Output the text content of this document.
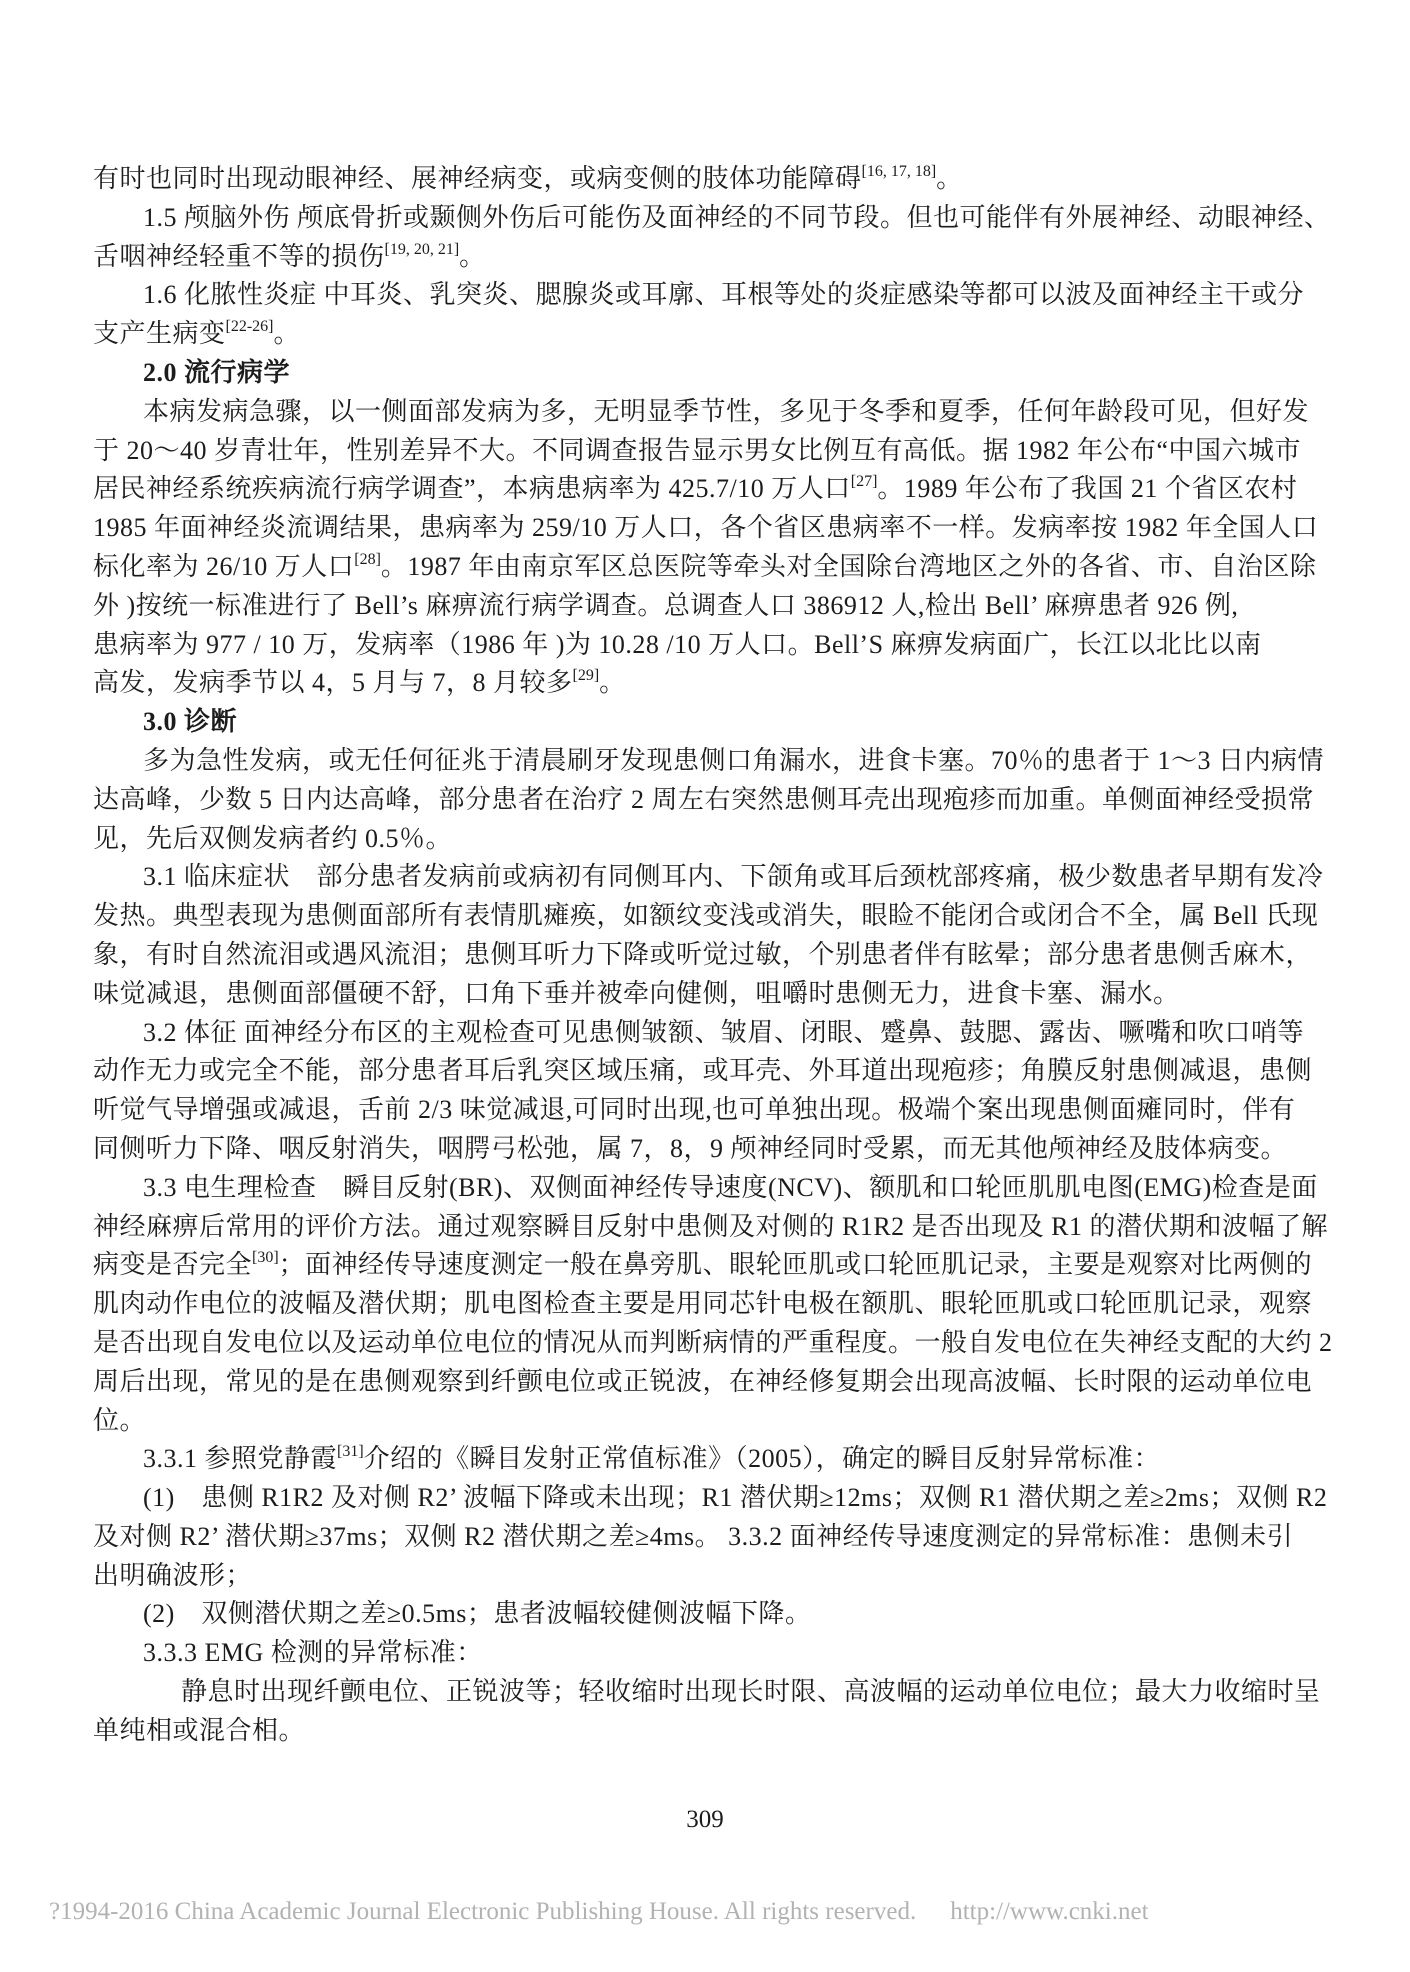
有时也同时出现动眼神经、展神经病变，或病变侧的肢体功能障碍[16, 17, 18]。
1.5 颅脑外伤 颅底骨折或颞侧外伤后可能伤及面神经的不同节段。但也可能伴有外展神经、动眼神经、
舌咽神经轻重不等的损伤[19, 20, 21]。
1.6 化脓性炎症 中耳炎、乳突炎、腮腺炎或耳廓、耳根等处的炎症感染等都可以波及面神经主干或分
支产生病变[22-26]。
2.0 流行病学
本病发病急骤，以一侧面部发病为多，无明显季节性，多见于冬季和夏季，任何年龄段可见，但好发
于 20～40 岁青壮年，性别差异不大。不同调查报告显示男女比例互有高低。据 1982 年公布“中国六城市
居民神经系统疾病流行病学调查”，本病患病率为 425.7/10 万人口[27]。1989 年公布了我国 21 个省区农村
1985 年面神经炎流调结果，患病率为 259/10 万人口，各个省区患病率不一样。发病率按 1982 年全国人口
标化率为 26/10 万人口[28]。1987 年由南京军区总医院等牵头对全国除台湾地区之外的各省、市、自治区除
外 )按统一标准进行了 Bell’s 麻痹流行病学调查。总调查人口 386912 人,检出 Bell’ 麻痹患者 926 例,
患病率为 977 / 10 万，发病率（1986 年 )为 10.28 /10 万人口。Bell’S 麻痹发病面广，长江以北比以南
高发，发病季节以 4，5 月与 7，8 月较多[29]。
3.0 诊断
多为急性发病，或无任何征兆于清晨刷牙发现患侧口角漏水，进食卡塞。70％的患者于 1～3 日内病情
达高峰，少数 5 日内达高峰，部分患者在治疗 2 周左右突然患侧耳壳出现疱疹而加重。单侧面神经受损常
见，先后双侧发病者约 0.5％。
3.1 临床症状　部分患者发病前或病初有同侧耳内、下颌角或耳后颈枕部疼痛，极少数患者早期有发冷
发热。典型表现为患侧面部所有表情肌瘫痪，如额纹变浅或消失，眼睑不能闭合或闭合不全，属 Bell 氏现
象，有时自然流泪或遇风流泪；患侧耳听力下降或听觉过敏，个别患者伴有眩晕；部分患者患侧舌麻木，
味觉减退，患侧面部僵硬不舒，口角下垂并被牵向健侧，咀嚼时患侧无力，进食卡塞、漏水。
3.2 体征 面神经分布区的主观检查可见患侧皱额、皱眉、闭眼、蹙鼻、鼓腮、露齿、噘嘴和吹口哨等
动作无力或完全不能，部分患者耳后乳突区域压痛，或耳壳、外耳道出现疱疹；角膜反射患侧减退，患侧
听觉气导增强或减退，舌前 2/3 味觉减退,可同时出现,也可单独出现。极端个案出现患侧面瘫同时，伴有
同侧听力下降、咽反射消失，咽腭弓松弛，属 7，8，9 颅神经同时受累，而无其他颅神经及肢体病变。
3.3 电生理检查　瞬目反射(BR)、双侧面神经传导速度(NCV)、额肌和口轮匝肌肌电图(EMG)检查是面
神经麻痹后常用的评价方法。通过观察瞬目反射中患侧及对侧的 R1R2 是否出现及 R1 的潜伏期和波幅了解
病变是否完全[30]；面神经传导速度测定一般在鼻旁肌、眼轮匝肌或口轮匝肌记录，主要是观察对比两侧的
肌肉动作电位的波幅及潜伏期；肌电图检查主要是用同芯针电极在额肌、眼轮匝肌或口轮匝肌记录，观察
是否出现自发电位以及运动单位电位的情况从而判断病情的严重程度。一般自发电位在失神经支配的大约 2
周后出现，常见的是在患侧观察到纤颤电位或正锐波，在神经修复期会出现高波幅、长时限的运动单位电
位。
3.3.1 参照党静霞[31]介绍的《瞬目发射正常值标准》（2005），确定的瞬目反射异常标准：
(1)　患侧 R1R2 及对侧 R2’ 波幅下降或未出现；R1 潜伏期≥12ms；双侧 R1 潜伏期之差≥2ms；双侧 R2
及对侧 R2’ 潜伏期≥37ms；双侧 R2 潜伏期之差≥4ms。 3.3.2 面神经传导速度测定的异常标准：患侧未引
出明确波形；
(2)　双侧潜伏期之差≥0.5ms；患者波幅较健侧波幅下降。
3.3.3 EMG 检测的异常标准：
静息时出现纤颤电位、正锐波等；轻收缩时出现长时限、高波幅的运动单位电位；最大力收缩时呈
单纯相或混合相。
309
?1994-2016 China Academic Journal Electronic Publishing House. All rights reserved. http://www.cnki.net
